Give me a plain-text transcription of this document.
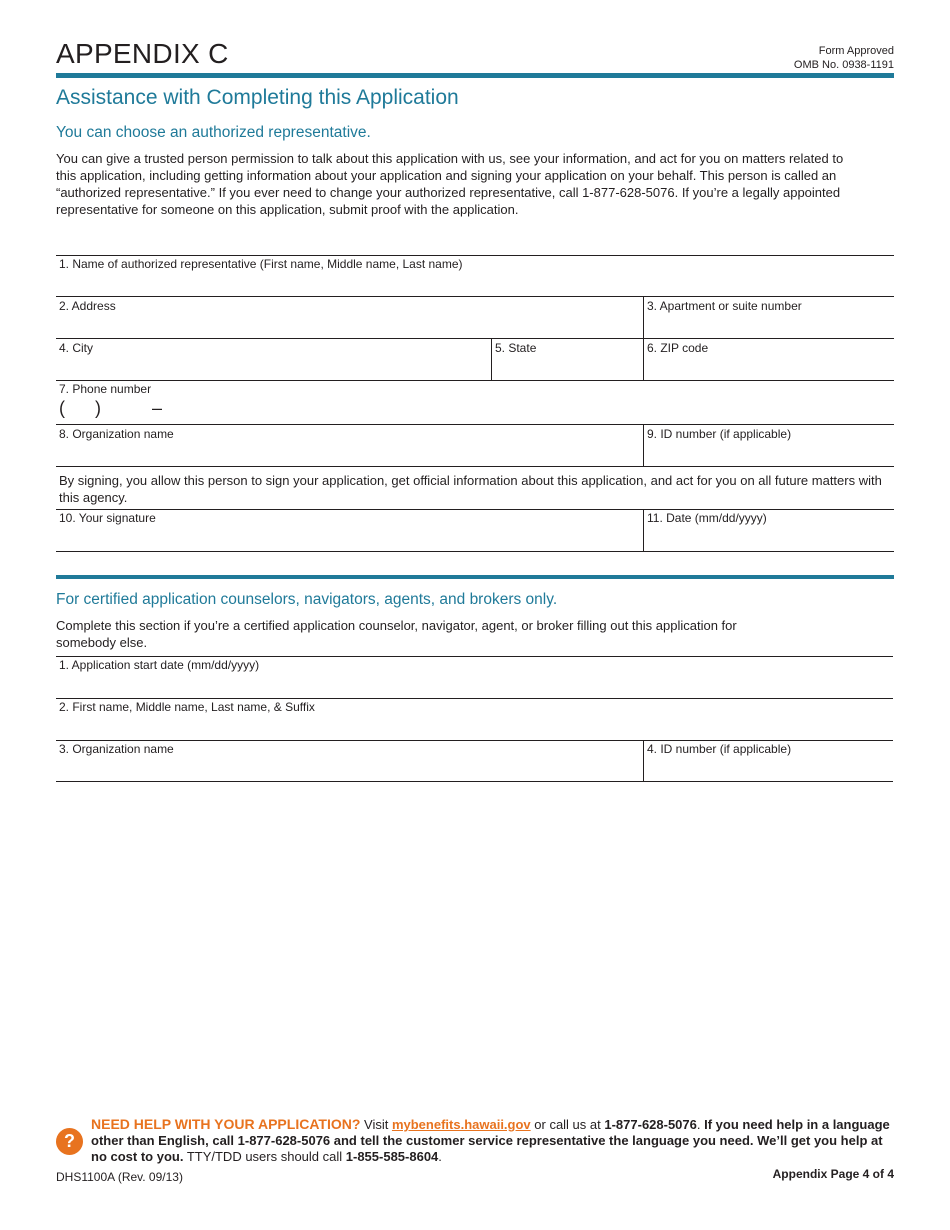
APPENDIX C	Form Approved
OMB No. 0938-1191
Assistance with Completing this Application
You can choose an authorized representative.
You can give a trusted person permission to talk about this application with us, see your information, and act for you on matters related to this application, including getting information about your application and signing your application on your behalf. This person is called an “authorized representative.” If you ever need to change your authorized representative, call 1-877-628-5076. If you’re a legally appointed representative for someone on this application, submit proof with the application.
1. Name of authorized representative (First name, Middle name, Last name)
2. Address	3. Apartment or suite number
4. City	5. State	6. ZIP code
7. Phone number
( )	–
8. Organization name	9. ID number (if applicable)
By signing, you allow this person to sign your application, get official information about this application, and act for you on all future matters with this agency.
10. Your signature	11. Date (mm/dd/yyyy)
For certified application counselors, navigators, agents, and brokers only.
Complete this section if you’re a certified application counselor, navigator, agent, or broker filling out this application for somebody else.
1. Application start date (mm/dd/yyyy)
2. First name, Middle name, Last name, & Suffix
3. Organization name	4. ID number (if applicable)
?
NEED HELP WITH YOUR APPLICATION? Visit mybenefits.hawaii.gov or call us at 1-877-628-5076. If you need help in a language other than English, call 1-877-628-5076 and tell the customer service representative the language you need. We’ll get you help at no cost to you. TTY/TDD users should call 1-855-585-8604.
DHS1100A (Rev. 09/13)	Appendix Page 4 of 4
